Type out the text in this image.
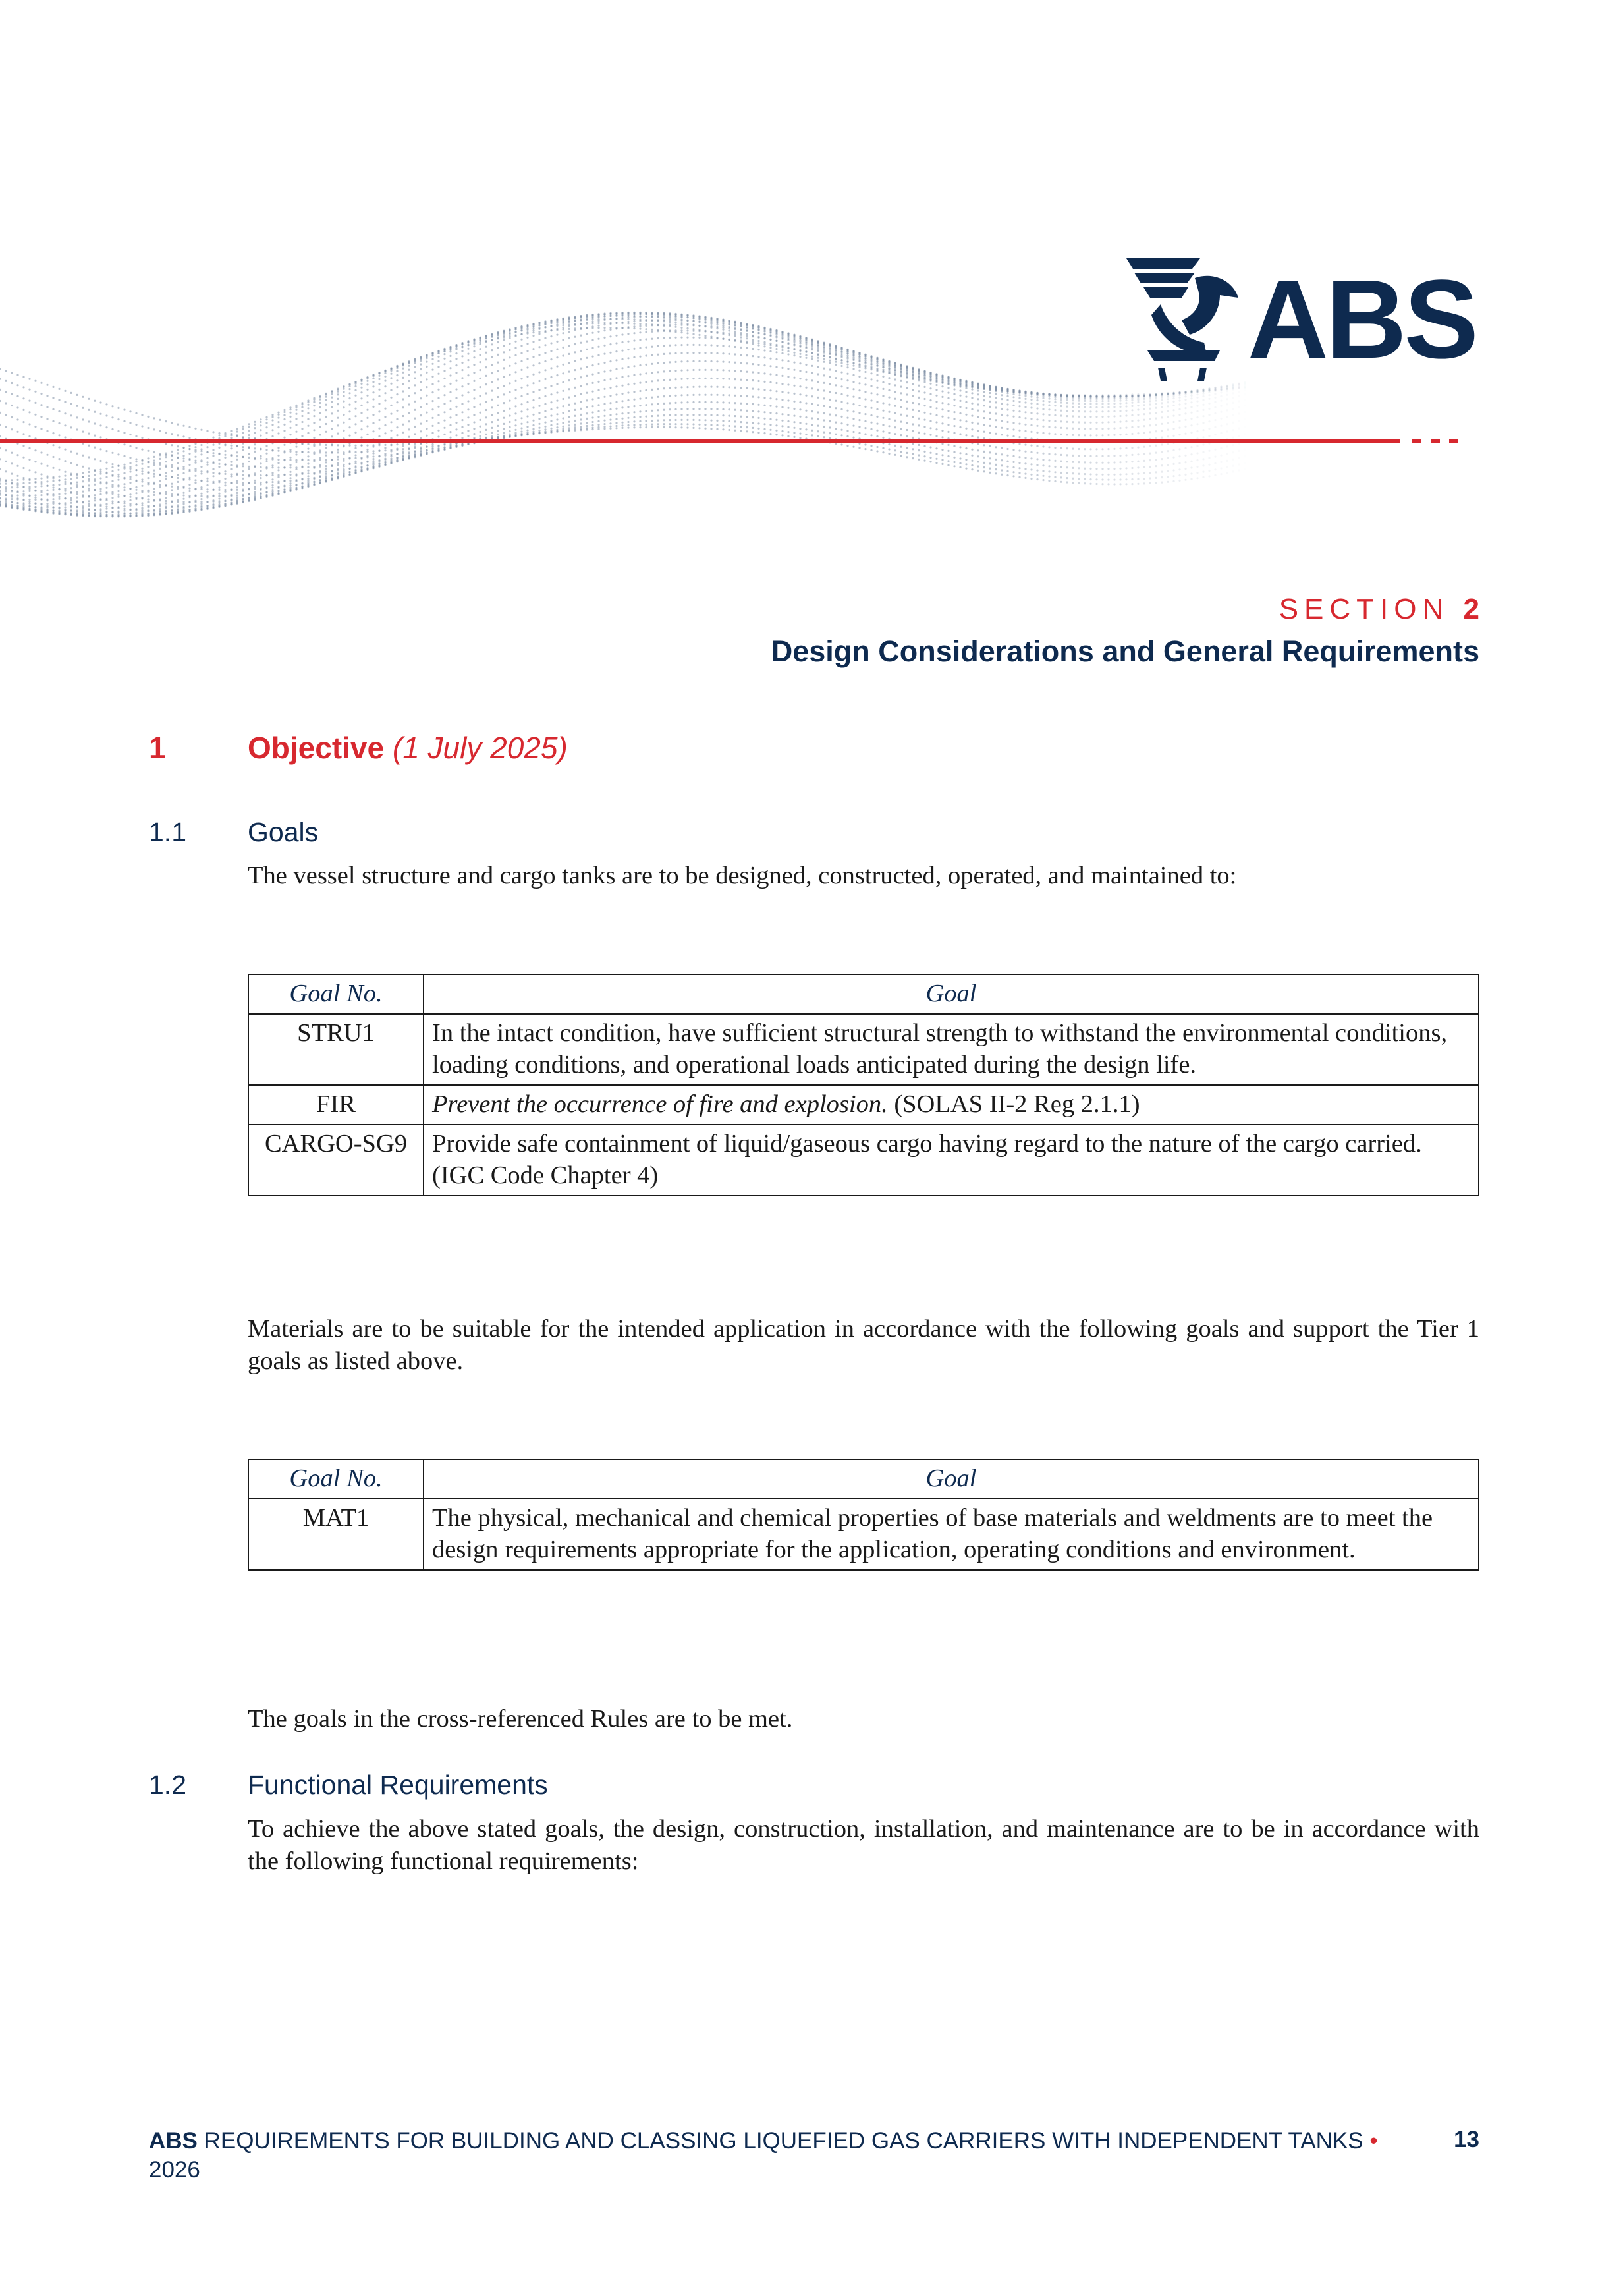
ABS
SECTION 2
Design Considerations and General Requirements
1	Objective (1 July 2025)
1.1 Goals
The vessel structure and cargo tanks are to be designed, constructed, operated, and maintained to:
Goal No.	Goal
STRU1	In the intact condition, have sufficient structural strength to withstand the environmental conditions, loading conditions, and operational loads anticipated during the design life.
FIR	Prevent the occurrence of fire and explosion. (SOLAS II-2 Reg 2.1.1)
CARGO-SG9	Provide safe containment of liquid/gaseous cargo having regard to the nature of the cargo carried. (IGC Code Chapter 4)
Materials are to be suitable for the intended application in accordance with the following goals and support the Tier 1 goals as listed above.
Goal No.	Goal
MAT1	The physical, mechanical and chemical properties of base materials and weldments are to meet the design requirements appropriate for the application, operating conditions and environment.
The goals in the cross-referenced Rules are to be met.
1.2 Functional Requirements
To achieve the above stated goals, the design, construction, installation, and maintenance are to be in accordance with the following functional requirements:
ABS REQUIREMENTS FOR BUILDING AND CLASSING LIQUEFIED GAS CARRIERS WITH INDEPENDENT TANKS • 2026
13
